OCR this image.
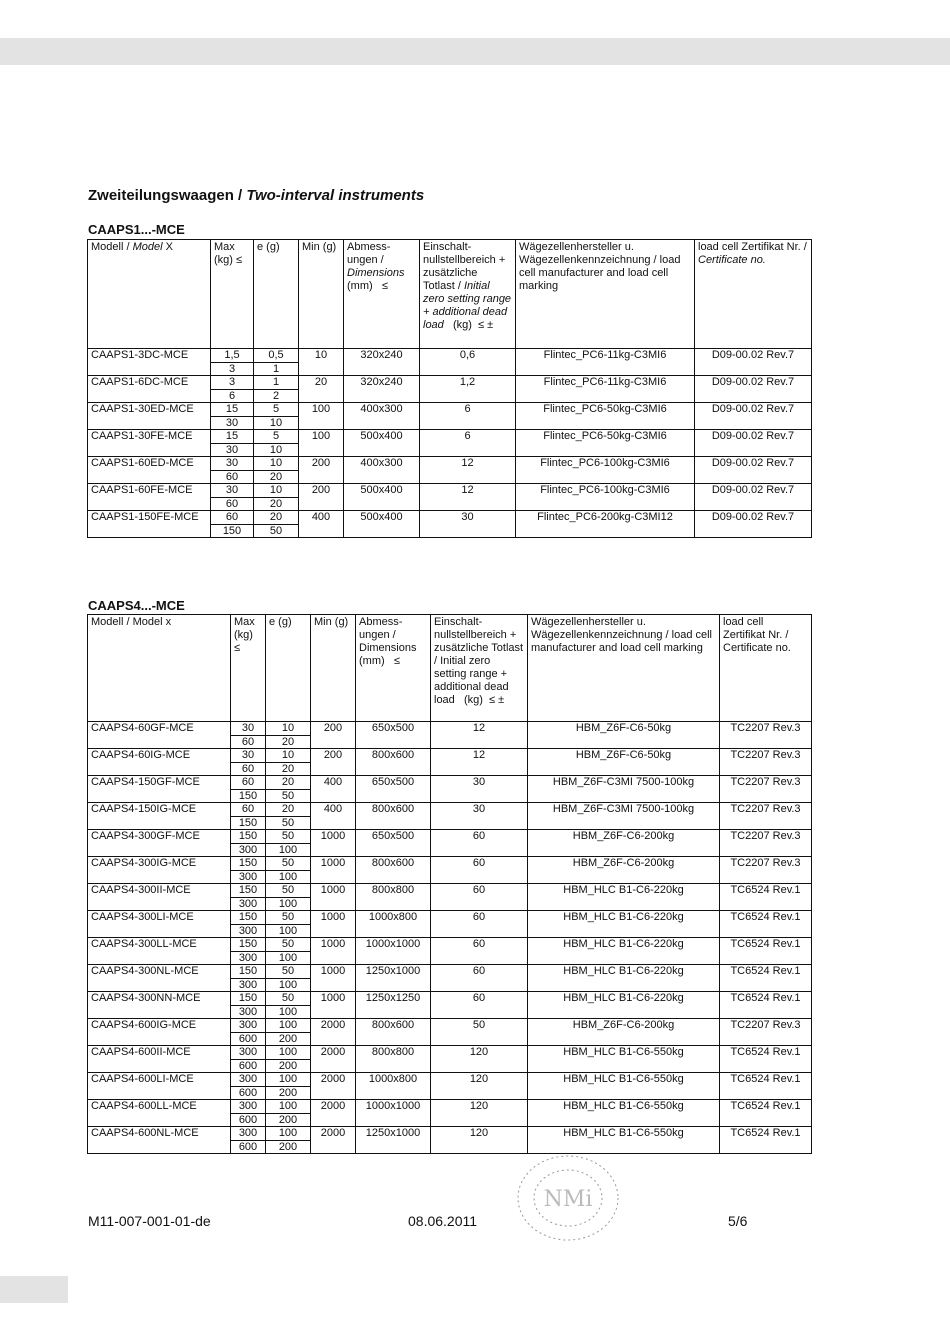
Zweiteilungswaagen / Two-interval instruments
CAAPS1...-MCE
Modell / Model X	Max (kg) ≤	e (g)	Min (g)	Abmess-ungen / Dimensions (mm)   ≤	Einschalt-nullstellbereich + zusätzliche Totlast / Initial zero setting range + additional dead load   (kg)  ≤ ±	Wägezellenhersteller u. Wägezellenkennzeichnung / load cell manufacturer and load cell marking	load cell Zertifikat Nr. / Certificate no.
CAAPS1-3DC-MCE	1,5	0,5	10	320x240	0,6	Flintec_PC6-11kg-C3MI6	D09-00.02 Rev.7
	3	1					
CAAPS1-6DC-MCE	3	1	20	320x240	1,2	Flintec_PC6-11kg-C3MI6	D09-00.02 Rev.7
	6	2					
CAAPS1-30ED-MCE	15	5	100	400x300	6	Flintec_PC6-50kg-C3MI6	D09-00.02 Rev.7
	30	10					
CAAPS1-30FE-MCE	15	5	100	500x400	6	Flintec_PC6-50kg-C3MI6	D09-00.02 Rev.7
	30	10					
CAAPS1-60ED-MCE	30	10	200	400x300	12	Flintec_PC6-100kg-C3MI6	D09-00.02 Rev.7
	60	20					
CAAPS1-60FE-MCE	30	10	200	500x400	12	Flintec_PC6-100kg-C3MI6	D09-00.02 Rev.7
	60	20					
CAAPS1-150FE-MCE	60	20	400	500x400	30	Flintec_PC6-200kg-C3MI12	D09-00.02 Rev.7
	150	50					
CAAPS4...-MCE
Modell / Model x	Max (kg) ≤	e (g)	Min (g)	Abmess-ungen / Dimensions (mm)   ≤	Einschalt-nullstellbereich + zusätzliche Totlast / Initial zero setting range + additional dead load   (kg)  ≤ ±	Wägezellenhersteller u. Wägezellenkennzeichnung / load cell manufacturer and load cell marking	load cell Zertifikat Nr. / Certificate no.
CAAPS4-60GF-MCE	30	10	200	650x500	12	HBM_Z6F-C6-50kg	TC2207 Rev.3
	60	20					
CAAPS4-60IG-MCE	30	10	200	800x600	12	HBM_Z6F-C6-50kg	TC2207 Rev.3
	60	20					
CAAPS4-150GF-MCE	60	20	400	650x500	30	HBM_Z6F-C3MI 7500-100kg	TC2207 Rev.3
	150	50					
CAAPS4-150IG-MCE	60	20	400	800x600	30	HBM_Z6F-C3MI 7500-100kg	TC2207 Rev.3
	150	50					
CAAPS4-300GF-MCE	150	50	1000	650x500	60	HBM_Z6F-C6-200kg	TC2207 Rev.3
	300	100					
CAAPS4-300IG-MCE	150	50	1000	800x600	60	HBM_Z6F-C6-200kg	TC2207 Rev.3
	300	100					
CAAPS4-300II-MCE	150	50	1000	800x800	60	HBM_HLC B1-C6-220kg	TC6524 Rev.1
	300	100					
CAAPS4-300LI-MCE	150	50	1000	1000x800	60	HBM_HLC B1-C6-220kg	TC6524 Rev.1
	300	100					
CAAPS4-300LL-MCE	150	50	1000	1000x1000	60	HBM_HLC B1-C6-220kg	TC6524 Rev.1
	300	100					
CAAPS4-300NL-MCE	150	50	1000	1250x1000	60	HBM_HLC B1-C6-220kg	TC6524 Rev.1
	300	100					
CAAPS4-300NN-MCE	150	50	1000	1250x1250	60	HBM_HLC B1-C6-220kg	TC6524 Rev.1
	300	100					
CAAPS4-600IG-MCE	300	100	2000	800x600	50	HBM_Z6F-C6-200kg	TC2207 Rev.3
	600	200					
CAAPS4-600II-MCE	300	100	2000	800x800	120	HBM_HLC B1-C6-550kg	TC6524 Rev.1
	600	200					
CAAPS4-600LI-MCE	300	100	2000	1000x800	120	HBM_HLC B1-C6-550kg	TC6524 Rev.1
	600	200					
CAAPS4-600LL-MCE	300	100	2000	1000x1000	120	HBM_HLC B1-C6-550kg	TC6524 Rev.1
	600	200					
CAAPS4-600NL-MCE	300	100	2000	1250x1000	120	HBM_HLC B1-C6-550kg	TC6524 Rev.1
	600	200					
NMi
M11-007-001-01-de	08.06.2011	5/6
